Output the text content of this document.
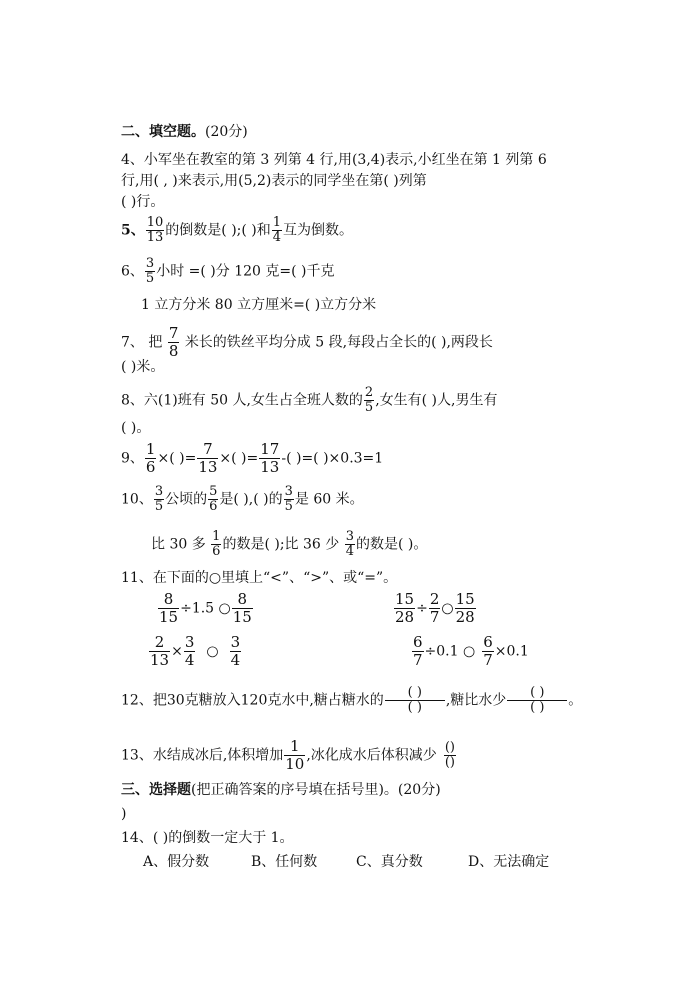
二、填空题。(20分)
4、小军坐在教室的第 3 列第 4 行,用(3,4)表示,小红坐在第 1 列第 6
行,用( , )来表示,用(5,2)表示的同学坐在第( )列第
( )行。
5、 $\frac{10}{13}$ 的倒数是( );( )和 $\frac{1}{4}$ 互为倒数。
6、 $\frac{3}{5}$ 小时 =( )分 120 克=( )千克
1 立方分米 80 立方厘米=( )立方分米
7、 把 $\frac{7}{8}$ 米长的铁丝平均分成 5 段,每段占全长的( ),两段长
( )米。
8、六(1)班有 50 人,女生占全班人数的 $\frac{2}{5}$ ,女生有( )人,男生有
( )。
9、 $\frac{1}{6}$ ×( )= $\frac{7}{13}$ ×( )= $\frac{17}{13}$ -( )=( )×0.3=1
10、 $\frac{3}{5}$ 公顷的 $\frac{5}{6}$ 是( ),( )的 $\frac{3}{5}$ 是 60 米。
比 30 多 $\frac{1}{6}$ 的数是( );比 36 少 $\frac{3}{4}$ 的数是( )。
11、在下面的○里填上“<”、“>”、或“=”。
$\frac{8}{15} \div 1.5$ ○ $\frac{8}{15}$	$\frac{15}{28} \div \frac{2}{7}$ ○ $\frac{15}{28}$
$\frac{2}{13} \times \frac{3}{4}$ ○ $\frac{3}{4}$	$\frac{6}{7} \div 0.1$ ○ $\frac{6}{7} \times 0.1$
12、把30克糖放入120克水中,糖占糖水的	( )
( )	,糖比水少	( )
( )	。
13、水结成冰后,体积增加 $\frac{1}{10}$ ,冰化成水后体积减少 ()
()
三、选择题(把正确答案的序号填在括号里)。(20分)
)
14、( )的倒数一定大于 1。
A、假分数	B、任何数	C、真分数	D、无法确定
